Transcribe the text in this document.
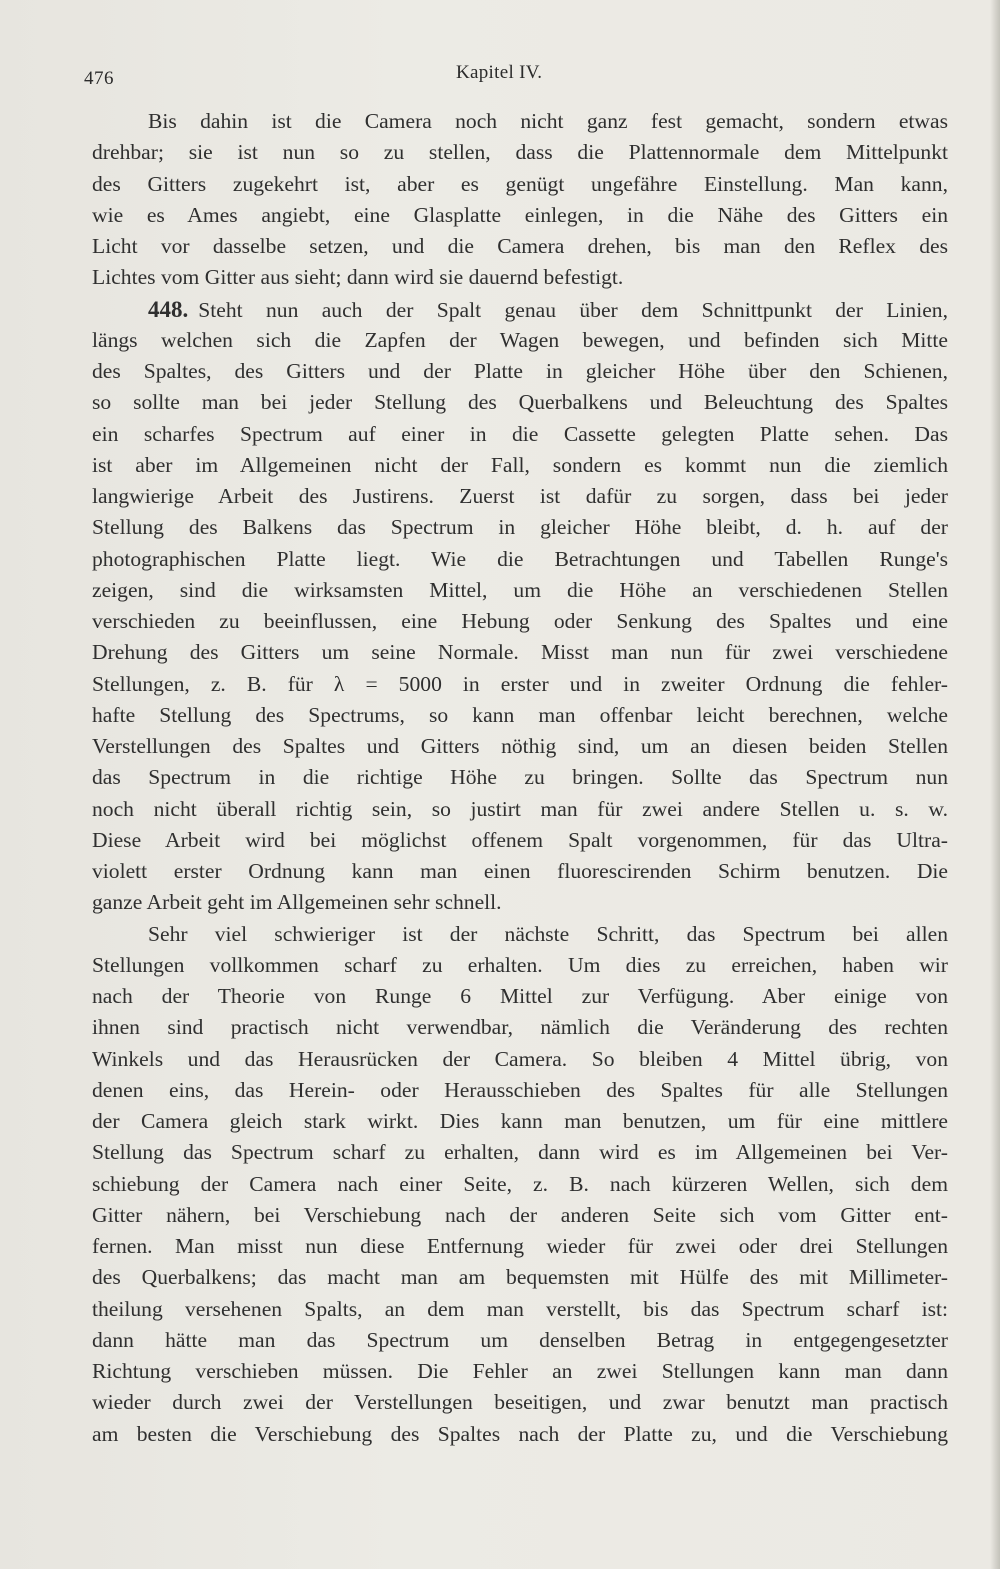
476	Kapitel IV.
Bis dahin ist die Camera noch nicht ganz fest gemacht, sondern etwas
drehbar; sie ist nun so zu stellen, dass die Plattennormale dem Mittelpunkt
des Gitters zugekehrt ist, aber es genügt ungefähre Einstellung. Man kann,
wie es Ames angiebt, eine Glasplatte einlegen, in die Nähe des Gitters ein
Licht vor dasselbe setzen, und die Camera drehen, bis man den Reflex des
Lichtes vom Gitter aus sieht; dann wird sie dauernd befestigt.
448. Steht nun auch der Spalt genau über dem Schnittpunkt der Linien,
längs welchen sich die Zapfen der Wagen bewegen, und befinden sich Mitte
des Spaltes, des Gitters und der Platte in gleicher Höhe über den Schienen,
so sollte man bei jeder Stellung des Querbalkens und Beleuchtung des Spaltes
ein scharfes Spectrum auf einer in die Cassette gelegten Platte sehen. Das
ist aber im Allgemeinen nicht der Fall, sondern es kommt nun die ziemlich
langwierige Arbeit des Justirens. Zuerst ist dafür zu sorgen, dass bei jeder
Stellung des Balkens das Spectrum in gleicher Höhe bleibt, d. h. auf der
photographischen Platte liegt. Wie die Betrachtungen und Tabellen Runge's
zeigen, sind die wirksamsten Mittel, um die Höhe an verschiedenen Stellen
verschieden zu beeinflussen, eine Hebung oder Senkung des Spaltes und eine
Drehung des Gitters um seine Normale. Misst man nun für zwei verschiedene
Stellungen, z. B. für λ = 5000 in erster und in zweiter Ordnung die fehler-
hafte Stellung des Spectrums, so kann man offenbar leicht berechnen, welche
Verstellungen des Spaltes und Gitters nöthig sind, um an diesen beiden Stellen
das Spectrum in die richtige Höhe zu bringen. Sollte das Spectrum nun
noch nicht überall richtig sein, so justirt man für zwei andere Stellen u. s. w.
Diese Arbeit wird bei möglichst offenem Spalt vorgenommen, für das Ultra-
violett erster Ordnung kann man einen fluorescirenden Schirm benutzen. Die
ganze Arbeit geht im Allgemeinen sehr schnell.
Sehr viel schwieriger ist der nächste Schritt, das Spectrum bei allen
Stellungen vollkommen scharf zu erhalten. Um dies zu erreichen, haben wir
nach der Theorie von Runge 6 Mittel zur Verfügung. Aber einige von
ihnen sind practisch nicht verwendbar, nämlich die Veränderung des rechten
Winkels und das Herausrücken der Camera. So bleiben 4 Mittel übrig, von
denen eins, das Herein- oder Herausschieben des Spaltes für alle Stellungen
der Camera gleich stark wirkt. Dies kann man benutzen, um für eine mittlere
Stellung das Spectrum scharf zu erhalten, dann wird es im Allgemeinen bei Ver-
schiebung der Camera nach einer Seite, z. B. nach kürzeren Wellen, sich dem
Gitter nähern, bei Verschiebung nach der anderen Seite sich vom Gitter ent-
fernen. Man misst nun diese Entfernung wieder für zwei oder drei Stellungen
des Querbalkens; das macht man am bequemsten mit Hülfe des mit Millimeter-
theilung versehenen Spalts, an dem man verstellt, bis das Spectrum scharf ist:
dann hätte man das Spectrum um denselben Betrag in entgegengesetzter
Richtung verschieben müssen. Die Fehler an zwei Stellungen kann man dann
wieder durch zwei der Verstellungen beseitigen, und zwar benutzt man practisch
am besten die Verschiebung des Spaltes nach der Platte zu, und die Verschiebung
